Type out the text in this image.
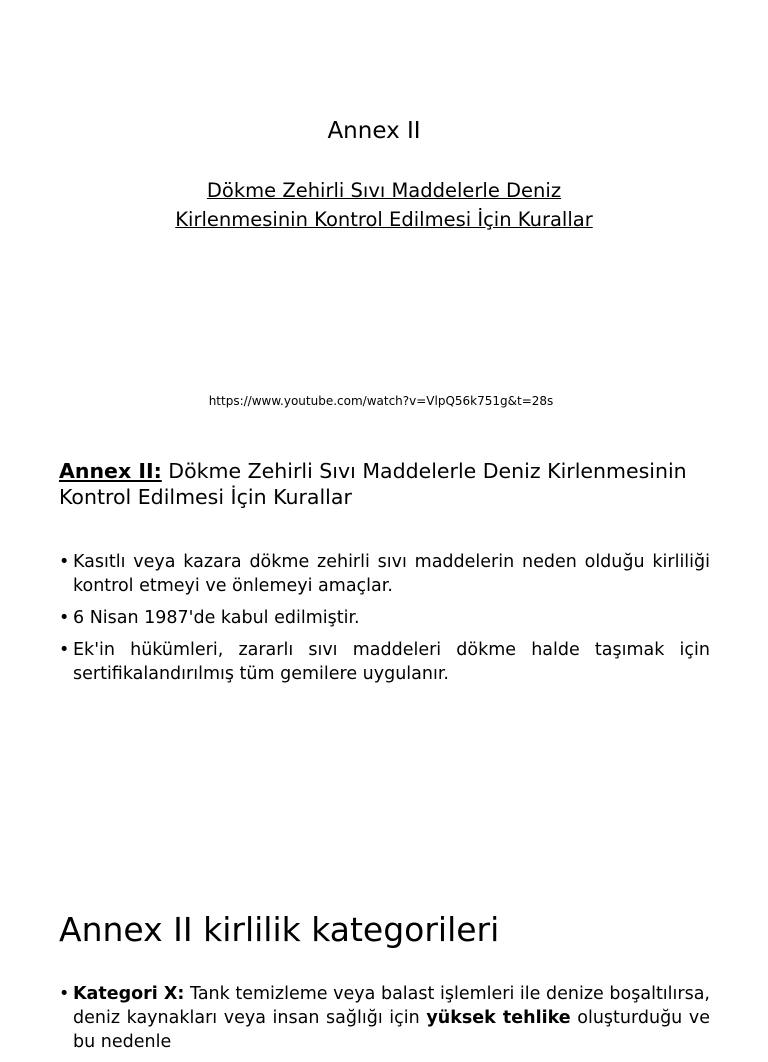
Annex II
Dökme Zehirli Sıvı Maddelerle Deniz
Kirlenmesinin Kontrol Edilmesi İçin Kurallar
https://www.youtube.com/watch?v=VlpQ56k751g&t=28s
Annex II: Dökme Zehirli Sıvı Maddelerle Deniz Kirlenmesinin Kontrol Edilmesi İçin Kurallar
• Kasıtlı veya kazara dökme zehirli sıvı maddelerin neden olduğu kirliliği kontrol etmeyi ve önlemeyi amaçlar.
• 6 Nisan 1987'de kabul edilmiştir.
• Ek'in hükümleri, zararlı sıvı maddeleri dökme halde taşımak için sertifikalandırılmış tüm gemilere uygulanır.
Annex II kirlilik kategorileri
• Kategori X: Tank temizleme veya balast işlemleri ile denize boşaltılırsa, deniz kaynakları veya insan sağlığı için yüksek tehlike oluşturduğu ve bu nedenle
